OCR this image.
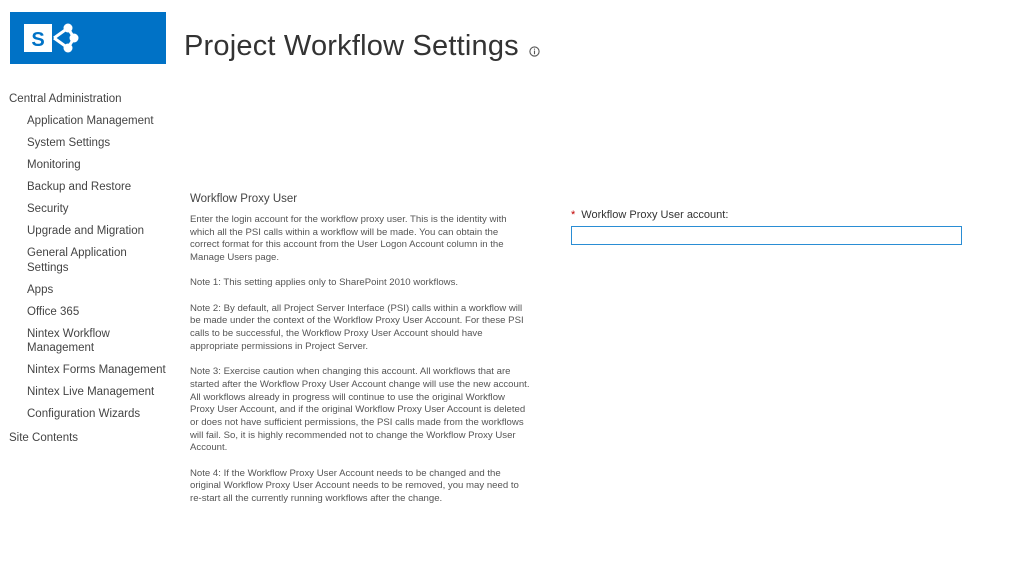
S	Project Workflow Settings
Central Administration
Application Management
System Settings
Monitoring
Backup and Restore
Security
Upgrade and Migration
General Application Settings
Apps
Office 365
Nintex Workflow Management
Nintex Forms Management
Nintex Live Management
Configuration Wizards
Site Contents
Workflow Proxy User

Enter the login account for the workflow proxy user. This is the identity with which all the PSI calls within a workflow will be made. You can obtain the correct format for this account from the User Logon Account column in the Manage Users page.

Note 1: This setting applies only to SharePoint 2010 workflows.

Note 2: By default, all Project Server Interface (PSI) calls within a workflow will be made under the context of the Workflow Proxy User Account. For these PSI calls to be successful, the Workflow Proxy User Account should have appropriate permissions in Project Server.

Note 3: Exercise caution when changing this account. All workflows that are started after the Workflow Proxy User Account change will use the new account. All workflows already in progress will continue to use the original Workflow Proxy User Account, and if the original Workflow Proxy User Account is deleted or does not have sufficient permissions, the PSI calls made from the workflows will fail. So, it is highly recommended not to change the Workflow Proxy User Account.

Note 4: If the Workflow Proxy User Account needs to be changed and the original Workflow Proxy User Account needs to be removed, you may need to re-start all the currently running workflows after the change.

* Workflow Proxy User account:
